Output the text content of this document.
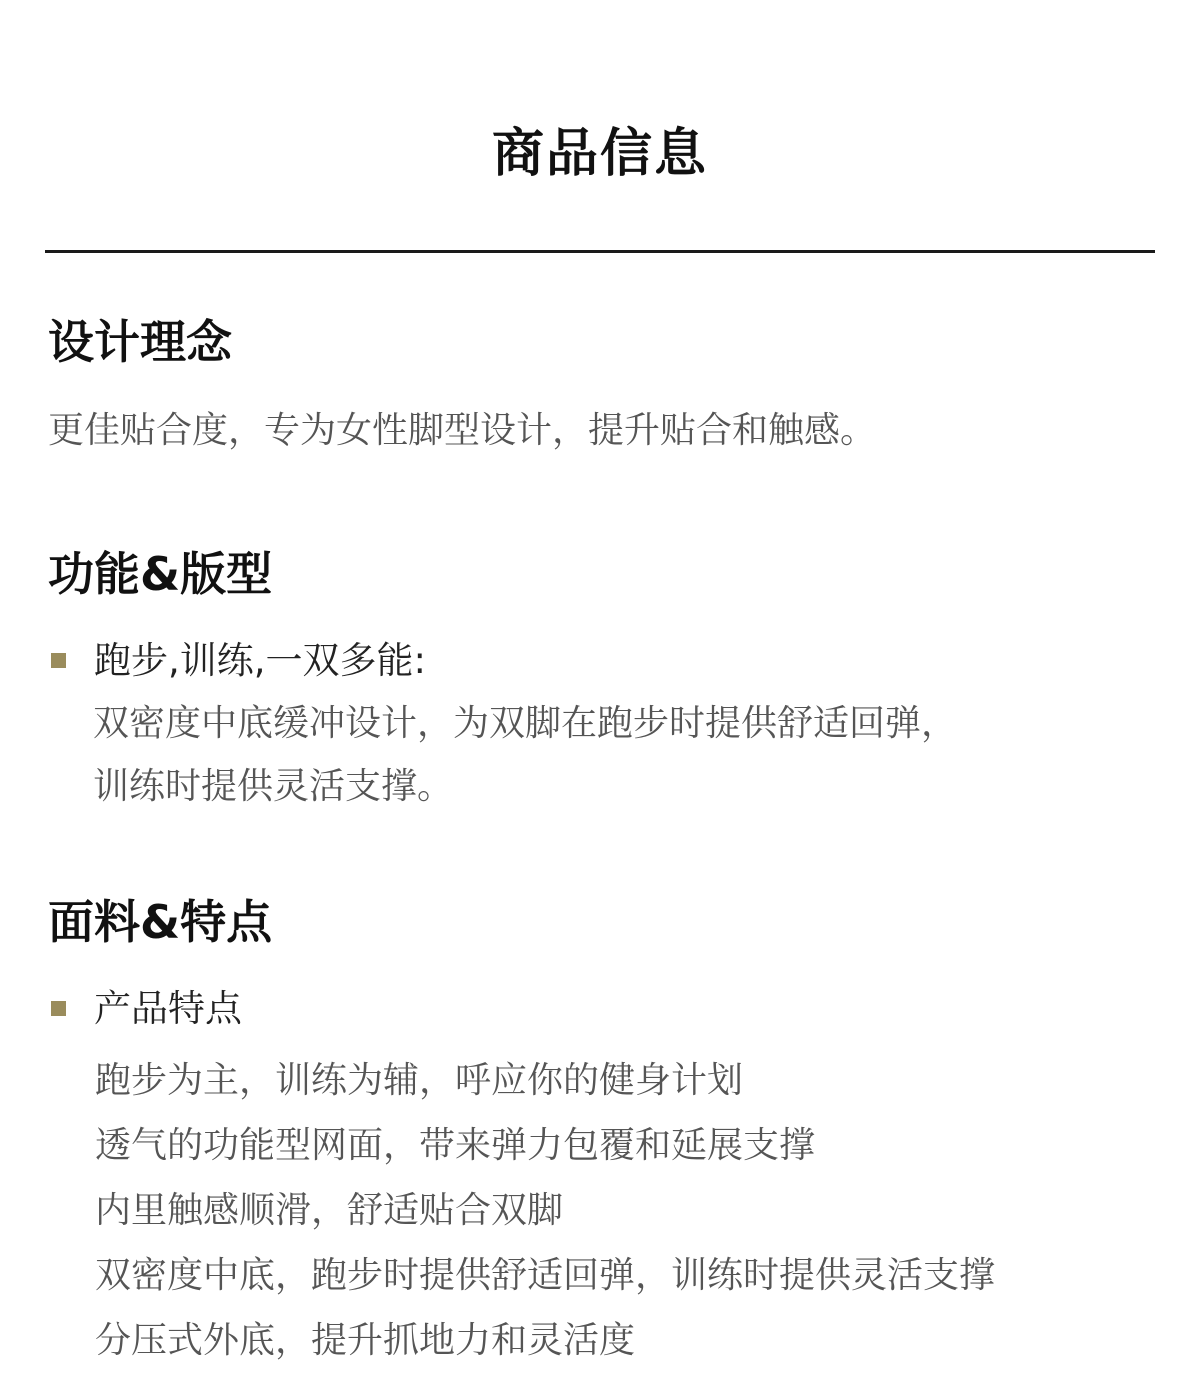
商品信息
设计理念
更佳贴合度，专为女性脚型设计，提升贴合和触感。
功能&版型
跑步,训练,一双多能:
双密度中底缓冲设计，为双脚在跑步时提供舒适回弹，
训练时提供灵活支撑。
面料&特点
产品特点
跑步为主，训练为辅，呼应你的健身计划
透气的功能型网面，带来弹力包覆和延展支撑
内里触感顺滑，舒适贴合双脚
双密度中底，跑步时提供舒适回弹，训练时提供灵活支撑
分压式外底，提升抓地力和灵活度
